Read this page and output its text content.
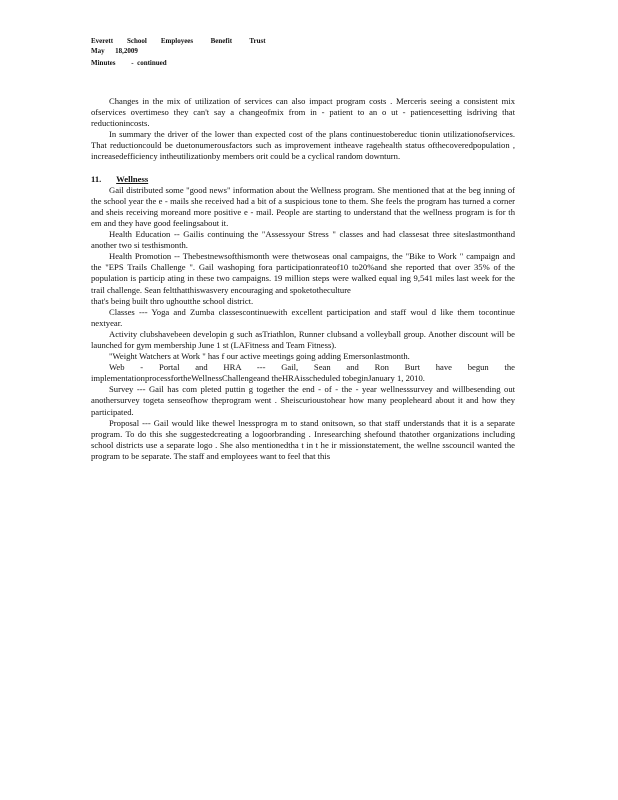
Everett        School        Employees          Benefit          Trust
May      18,2009
Minutes         -  continued

Changes in the mix of utilization of services can also impact program costs . Merceris seeing a consistent mix ofservices overtimeso they can't say a changeofmix from in - patient to an o ut - patiencesetting isdriving that reductionincosts.

In summary the driver of the lower than expected cost of the plans continuestobereduc tionin utilizationofservices. That reductioncould be duetonumerousfactors such as improvement intheave ragehealth status ofthecoveredpopulation , increasedefficiency intheutilizationby members orit could be a cyclical random downturn.

11. Wellness

Gail distributed some "good news" information about the Wellness program. She mentioned that at the beg inning of the school year the e - mails she received had a bit of a suspicious tone to them. She feels the program has turned a corner and sheis receiving moreand more positive e - mail. People are starting to understand that the wellness program is for th em and they have good feelingsabout it.

Health Education -- Gailis continuing the "Assessyour Stress " classes and had classesat three siteslastmonthand another two si testhismonth.

Health Promotion -- Thebestnewsofthismonth were thetwoseas onal campaigns, the "Bike to Work " campaign and the "EPS Trails Challenge ". Gail washoping fora participationrateof10 to20%and she reported that over 35% of the population is particip ating in these two campaigns. 19 million steps were walked equal ing 9,541 miles last week for the trail challenge. Sean feltthatthiswasvery encouraging and spoketotheculture

that's being built thro ughoutthe school district.

Classes --- Yoga and Zumba classescontinuewith excellent participation and staff woul d like them tocontinue nextyear.

Activity clubshavebeen developin g such asTriathlon, Runner clubsand a volleyball group. Another discount will be launched for gym membership June 1 st (LAFitness and Team Fitness).

"Weight Watchers at Work " has f our active meetings going adding Emersonlastmonth.

Web - Portal and HRA --- Gail, Sean and Ron Burt have begun the implementationprocessfortheWellnessChallengeand theHRAisscheduled tobeginJanuary 1, 2010.

Survey --- Gail has com pleted puttin g together the end - of - the - year wellnesssurvey and willbesending out anothersurvey togeta senseofhow theprogram went . Sheiscurioustohear how many peopleheard about it and how they participated.

Proposal --- Gail would like thewel lnessprogra m to stand onitsown, so that staff understands that it is a separate program. To do this she suggestedcreating a logoorbranding . Inresearching shefound thatother organizations including school districts use a separate logo . She also mentionedtha t in t he ir missionstatement, the wellne sscouncil wanted the program to be separate. The staff and employees want to feel that this
